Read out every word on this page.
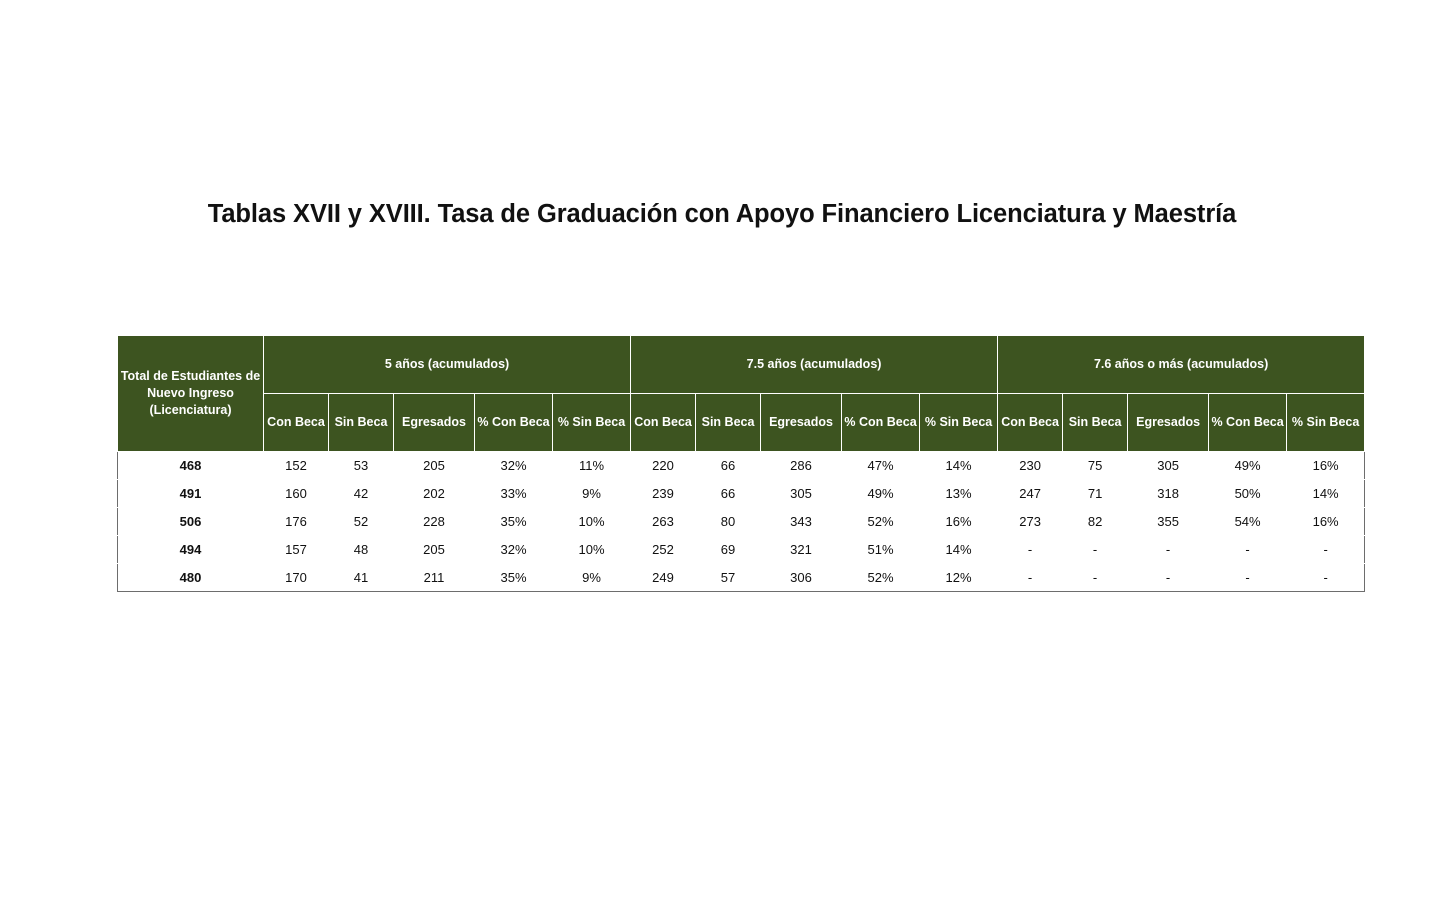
Tablas XVII y XVIII. Tasa de Graduación con Apoyo Financiero Licenciatura y Maestría
Total de Estudiantes de Nuevo Ingreso (Licenciatura)	5 años (acumulados)					7.5 años (acumulados)					7.6 años o más (acumulados)				
	Con Beca	Sin Beca	Egresados	% Con Beca	% Sin Beca	Con Beca	Sin Beca	Egresados	% Con Beca	% Sin Beca	Con Beca	Sin Beca	Egresados	% Con Beca	% Sin Beca
468	152	53	205	32%	11%	220	66	286	47%	14%	230	75	305	49%	16%
491	160	42	202	33%	9%	239	66	305	49%	13%	247	71	318	50%	14%
506	176	52	228	35%	10%	263	80	343	52%	16%	273	82	355	54%	16%
494	157	48	205	32%	10%	252	69	321	51%	14%	-	-	-	-	-
480	170	41	211	35%	9%	249	57	306	52%	12%	-	-	-	-	-
